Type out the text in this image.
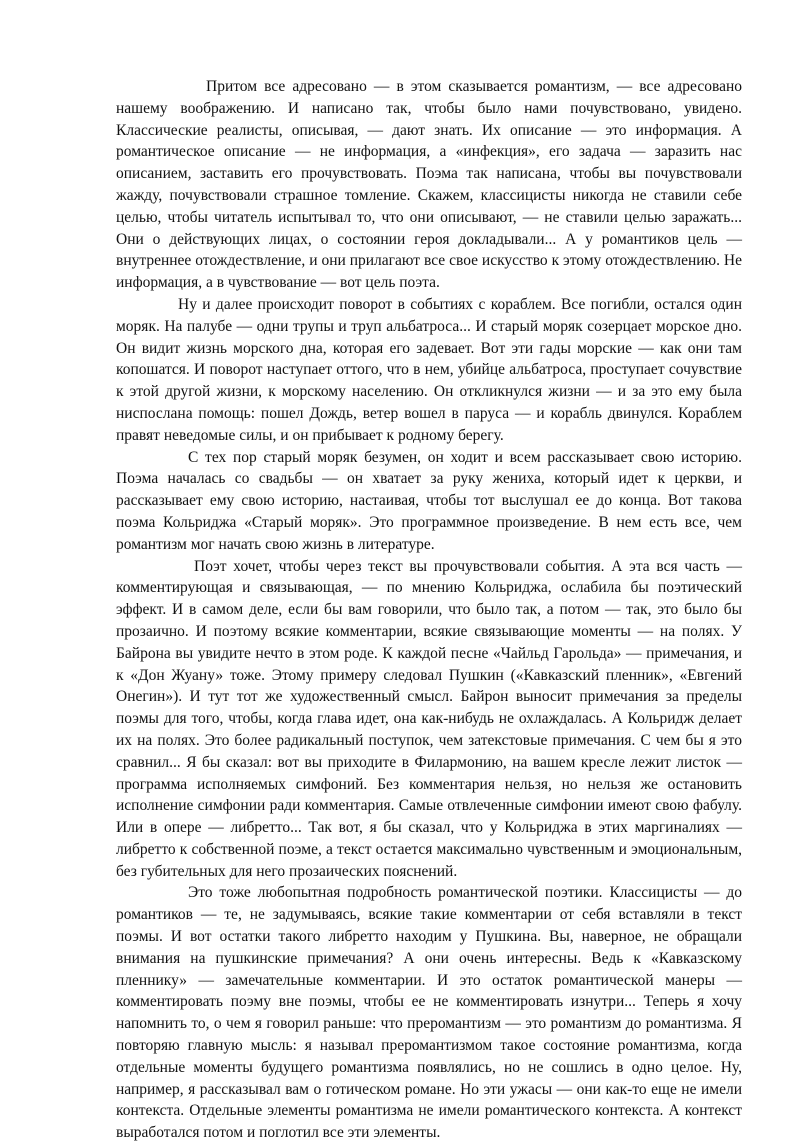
Притом все адресовано — в этом сказывается романтизм, — все адресовано нашему воображению. И написано так, чтобы было нами почувствовано, увидено. Классические реалисты, описывая, — дают знать. Их описание — это информация. А романтическое описание — не информация, а «инфекция», его задача — заразить нас описанием, заставить его прочувствовать. Поэма так написана, чтобы вы почувствовали жажду, почувствовали страшное томление. Скажем, классицисты никогда не ставили себе целью, чтобы читатель испытывал то, что они описывают, — не ставили целью заражать... Они о действующих лицах, о состоянии героя докладывали... А у романтиков цель — внутреннее отождествление, и они прилагают все свое искусство к этому отождествлению. Не информация, а в чувствование — вот цель поэта.

Ну и далее происходит поворот в событиях с кораблем. Все погибли, остался один моряк. На палубе — одни трупы и труп альбатроса... И старый моряк созерцает морское дно. Он видит жизнь морского дна, которая его задевает. Вот эти гады морские — как они там копошатся. И поворот наступает оттого, что в нем, убийце альбатроса, проступает сочувствие к этой другой жизни, к морскому населению. Он откликнулся жизни — и за это ему была ниспослана помощь: пошел Дождь, ветер вошел в паруса — и корабль двинулся. Кораблем правят неведомые силы, и он прибывает к родному берегу.

С тех пор старый моряк безумен, он ходит и всем рассказывает свою историю. Поэма началась со свадьбы — он хватает за руку жениха, который идет к церкви, и рассказывает ему свою историю, настаивая, чтобы тот выслушал ее до конца. Вот такова поэма Кольриджа «Старый моряк». Это программное произведение. В нем есть все, чем романтизм мог начать свою жизнь в литературе.

Поэт хочет, чтобы через текст вы прочувствовали события. А эта вся часть — комментирующая и связывающая, — по мнению Кольриджа, ослабила бы поэтический эффект. И в самом деле, если бы вам говорили, что было так, а потом — так, это было бы прозаично. И поэтому всякие комментарии, всякие связывающие моменты — на полях. У Байрона вы увидите нечто в этом роде. К каждой песне «Чайльд Гарольда» — примечания, и к «Дон Жуану» тоже. Этому примеру следовал Пушкин («Кавказский пленник», «Евгений Онегин»). И тут тот же художественный смысл. Байрон выносит примечания за пределы поэмы для того, чтобы, когда глава идет, она как-нибудь не охлаждалась. А Кольридж делает их на полях. Это более радикальный поступок, чем затекстовые примечания. С чем бы я это сравнил... Я бы сказал: вот вы приходите в Филармонию, на вашем кресле лежит листок — программа исполняемых симфоний. Без комментария нельзя, но нельзя же остановить исполнение симфонии ради комментария. Самые отвлеченные симфонии имеют свою фабулу. Или в опере — либретто... Так вот, я бы сказал, что у Кольриджа в этих маргиналиях — либретто к собственной поэме, а текст остается максимально чувственным и эмоциональным, без губительных для него прозаических пояснений.

Это тоже любопытная подробность романтической поэтики. Классицисты — до романтиков — те, не задумываясь, всякие такие комментарии от себя вставляли в текст поэмы. И вот остатки такого либретто находим у Пушкина. Вы, наверное, не обращали внимания на пушкинские примечания? А они очень интересны. Ведь к «Кавказскому пленнику» — замечательные комментарии. И это остаток романтической манеры — комментировать поэму вне поэмы, чтобы ее не комментировать изнутри... Теперь я хочу напомнить то, о чем я говорил раньше: что преромантизм — это романтизм до романтизма. Я повторяю главную мысль: я называл преромантизмом такое состояние романтизма, когда отдельные моменты будущего романтизма появлялись, но не сошлись в одно целое. Ну, например, я рассказывал вам о готическом романе. Но эти ужасы — они как-то еще не имели контекста. Отдельные элементы романтизма не имели романтического контекста. А контекст выработался потом и поглотил все эти элементы.
